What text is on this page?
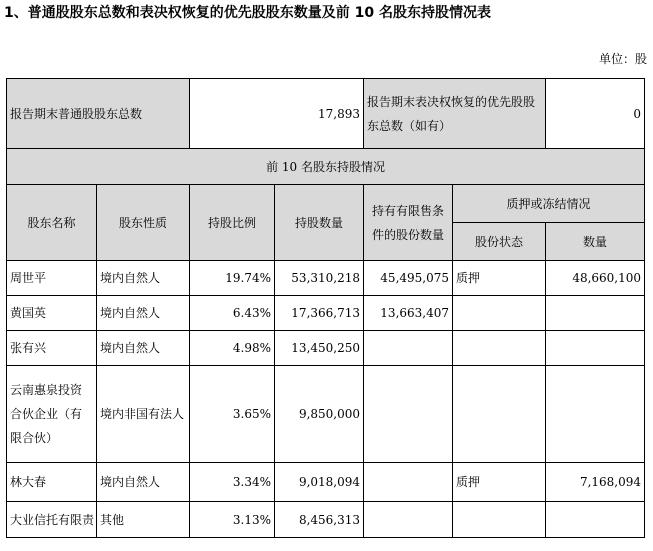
1、普通股股东总数和表决权恢复的优先股股东数量及前 10 名股东持股情况表
单位：股
报告期末普通股股东总数		17,893		报告期末表决权恢复的优先股股东总数（如有）		0
前 10 名股东持股情况						
股东名称	股东性质	持股比例	持股数量	持有有限售条件的股份数量	质押或冻结情况	
					股份状态	数量
周世平	境内自然人	19.74%	53,310,218	45,495,075	质押	48,660,100
黄国英	境内自然人	6.43%	17,366,713	13,663,407		
张有兴	境内自然人	4.98%	13,450,250			
云南惠泉投资合伙企业（有限合伙）	境内非国有法人	3.65%	9,850,000			
林大春	境内自然人	3.34%	9,018,094		质押	7,168,094
大业信托有限责	其他	3.13%	8,456,313			
